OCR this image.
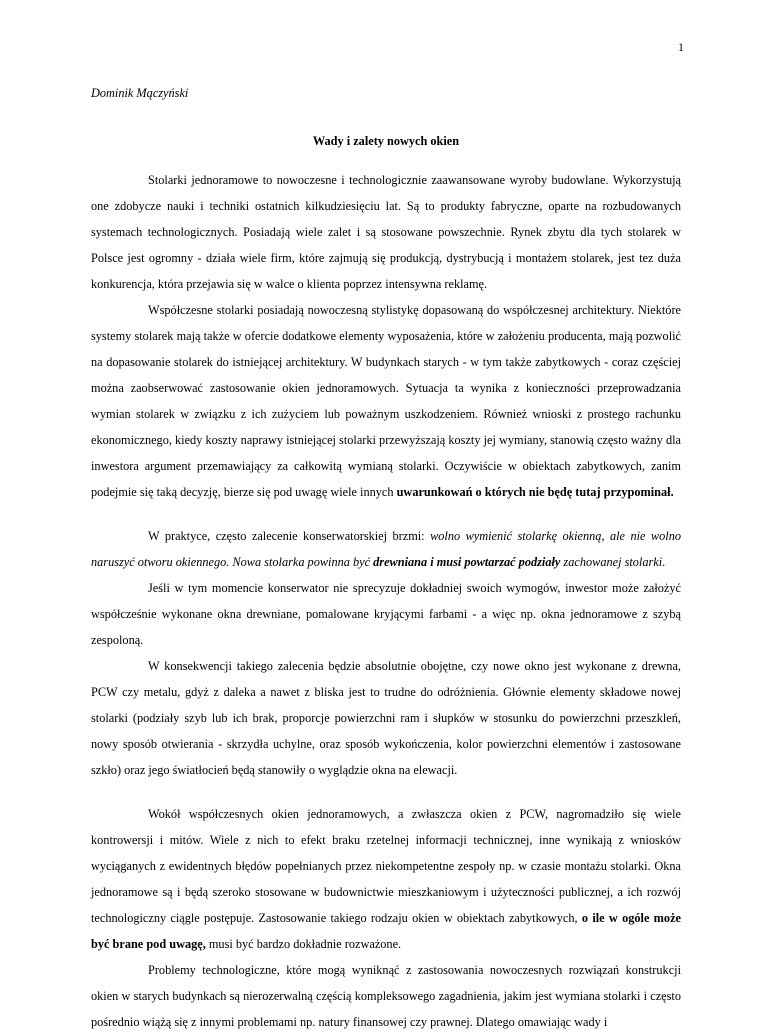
1
Dominik Mączyński
Wady i zalety nowych okien

Stolarki jednoramowe to nowoczesne i technologicznie zaawansowane wyroby budowlane. Wykorzystują one zdobycze nauki i techniki ostatnich kilkudziesięciu lat. Są to produkty fabryczne, oparte na rozbudowanych systemach technologicznych. Posiadają wiele zalet i są stosowane powszechnie. Rynek zbytu dla tych stolarek w Polsce jest ogromny - działa wiele firm, które zajmują się produkcją, dystrybucją i montażem stolarek, jest tez duża konkurencja, która przejawia się w walce o klienta poprzez intensywna reklamę.

Współczesne stolarki posiadają nowoczesną stylistykę dopasowaną do współczesnej architektury. Niektóre systemy stolarek mają także w ofercie dodatkowe elementy wyposażenia, które w założeniu producenta, mają pozwolić na dopasowanie stolarek do istniejącej architektury. W budynkach starych - w tym także zabytkowych - coraz częściej można zaobserwować zastosowanie okien jednoramowych. Sytuacja ta wynika z konieczności przeprowadzania wymian stolarek w związku z ich zużyciem lub poważnym uszkodzeniem. Również wnioski z prostego rachunku ekonomicznego, kiedy koszty naprawy istniejącej stolarki przewyższają koszty jej wymiany, stanowią często ważny dla inwestora argument przemawiający za całkowitą wymianą stolarki. Oczywiście w obiektach zabytkowych, zanim podejmie się taką decyzję, bierze się pod uwagę wiele innych uwarunkowań o których nie będę tutaj przypominał.

W praktyce, często zalecenie konserwatorskiej brzmi: wolno wymienić stolarkę okienną, ale nie wolno naruszyć otworu okiennego. Nowa stolarka powinna być drewniana i musi powtarzać podziały zachowanej stolarki.

Jeśli w tym momencie konserwator nie sprecyzuje dokładniej swoich wymogów, inwestor może założyć współcześnie wykonane okna drewniane, pomalowane kryjącymi farbami - a więc np. okna jednoramowe z szybą zespoloną.

W konsekwencji takiego zalecenia będzie absolutnie obojętne, czy nowe okno jest wykonane z drewna, PCW czy metalu, gdyż z daleka a nawet z bliska jest to trudne do odróżnienia. Głównie elementy składowe nowej stolarki (podziały szyb lub ich brak, proporcje powierzchni ram i słupków w stosunku do powierzchni przeszkleń, nowy sposób otwierania - skrzydła uchylne, oraz sposób wykończenia, kolor powierzchni elementów i zastosowane szkło) oraz jego światłocień będą stanowiły o wyglądzie okna na elewacji.

Wokół współczesnych okien jednoramowych, a zwłaszcza okien z PCW, nagromadziło się wiele kontrowersji i mitów. Wiele z nich to efekt braku rzetelnej informacji technicznej, inne wynikają z wniosków wyciąganych z ewidentnych błędów popełnianych przez niekompetentne zespoły np. w czasie montażu stolarki. Okna jednoramowe są i będą szeroko stosowane w budownictwie mieszkaniowym i użyteczności publicznej, a ich rozwój technologiczny ciągle postępuje. Zastosowanie takiego rodzaju okien w obiektach zabytkowych, o ile w ogóle może być brane pod uwagę, musi być bardzo dokładnie rozważone.

Problemy technologiczne, które mogą wyniknąć z zastosowania nowoczesnych rozwiązań konstrukcji okien w starych budynkach są nierozerwalną częścią kompleksowego zagadnienia, jakim jest wymiana stolarki i często pośrednio wiążą się z innymi problemami np. natury finansowej czy prawnej. Dlatego omawiając wady i
